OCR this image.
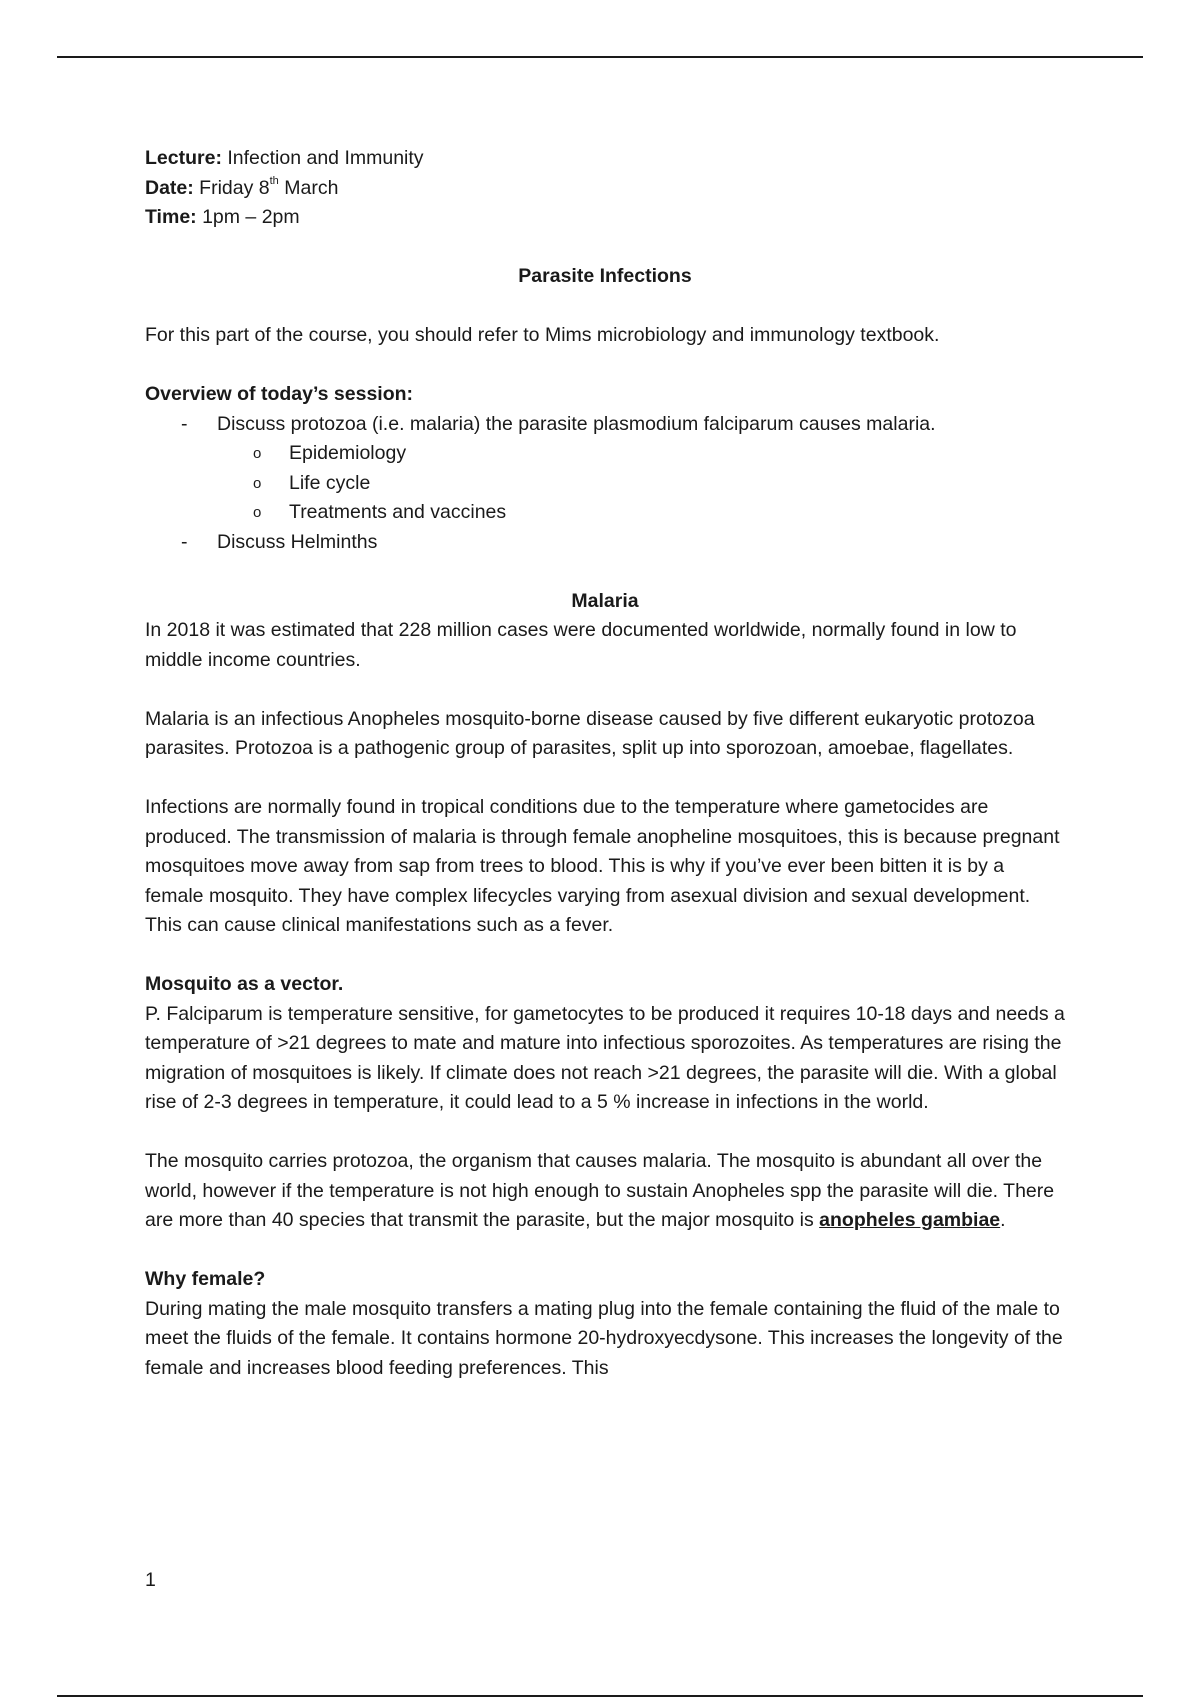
Lecture: Infection and Immunity

Date: Friday 8th March

Time: 1pm – 2pm

Parasite Infections

For this part of the course, you should refer to Mims microbiology and immunology textbook.

Overview of today’s session:

- Discuss protozoa (i.e. malaria) the parasite plasmodium falciparum causes malaria.
o Epidemiology
o Life cycle
o Treatments and vaccines
- Discuss Helminths

Malaria

In 2018 it was estimated that 228 million cases were documented worldwide, normally found in low to middle income countries.

Malaria is an infectious Anopheles mosquito-borne disease caused by five different eukaryotic protozoa parasites. Protozoa is a pathogenic group of parasites, split up into sporozoan, amoebae, flagellates.

Infections are normally found in tropical conditions due to the temperature where gametocides are produced. The transmission of malaria is through female anopheline mosquitoes, this is because pregnant mosquitoes move away from sap from trees to blood. This is why if you’ve ever been bitten it is by a female mosquito. They have complex lifecycles varying from asexual division and sexual development. This can cause clinical manifestations such as a fever.

Mosquito as a vector.

P. Falciparum is temperature sensitive, for gametocytes to be produced it requires 10-18 days and needs a temperature of >21 degrees to mate and mature into infectious sporozoites. As temperatures are rising the migration of mosquitoes is likely. If climate does not reach >21 degrees, the parasite will die. With a global rise of 2-3 degrees in temperature, it could lead to a 5 % increase in infections in the world.

The mosquito carries protozoa, the organism that causes malaria. The mosquito is abundant all over the world, however if the temperature is not high enough to sustain Anopheles spp the parasite will die. There are more than 40 species that transmit the parasite, but the major mosquito is anopheles gambiae.

Why female?

During mating the male mosquito transfers a mating plug into the female containing the fluid of the male to meet the fluids of the female. It contains hormone 20-hydroxyecdysone. This increases the longevity of the female and increases blood feeding preferences. This

1
